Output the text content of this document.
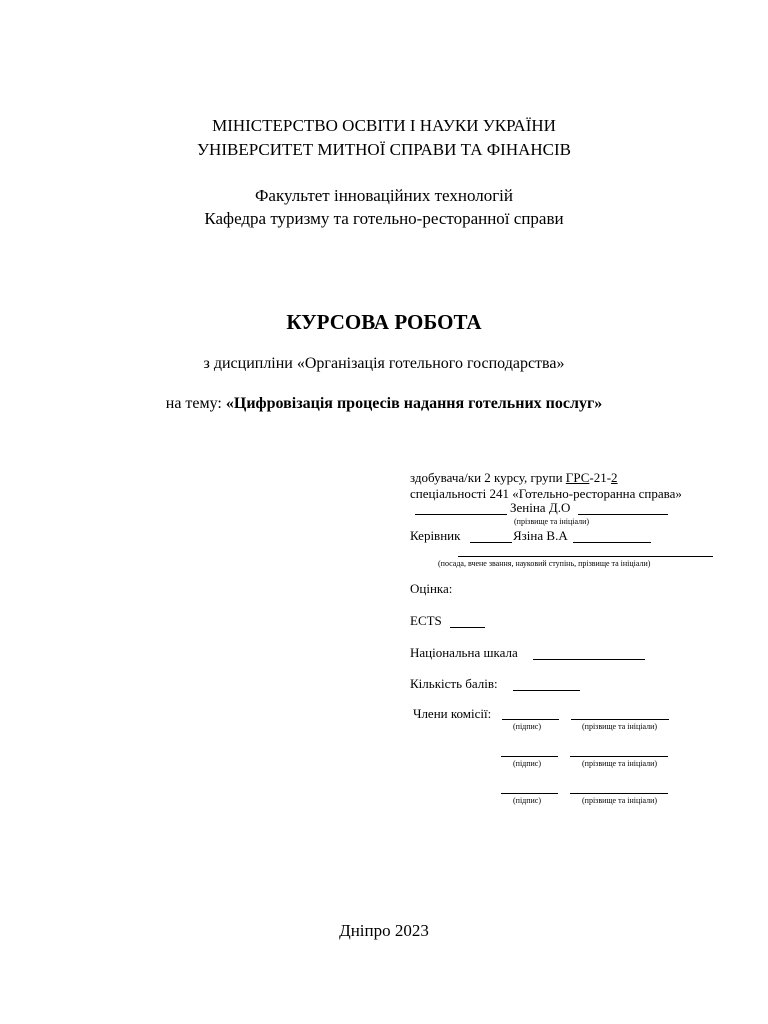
МІНІСТЕРСТВО ОСВІТИ І НАУКИ УКРАЇНИ
УНІВЕРСИТЕТ МИТНОЇ СПРАВИ ТА ФІНАНСІВ
Факультет інноваційних технологій
Кафедра туризму та готельно-ресторанної справи
КУРСОВА РОБОТА
з дисципліни «Організація готельного господарства»
на тему: «Цифровізація процесів надання готельних послуг»
здобувача/ки 2 курсу, групи ГРС-21-2
спеціальності 241 «Готельно-ресторанна справа»
Зеніна Д.О
(прізвище та ініціали)
Керівник	Язіна В.А
(посада, вчене звання, науковий ступінь, прізвище та ініціали)
Оцінка:
ECTS
Національна шкала
Кількість балів:
Члени комісії:
(підпис)	(прізвище та ініціали)
(підпис)	(прізвище та ініціали)
(підпис)	(прізвище та ініціали)
Дніпро 2023
